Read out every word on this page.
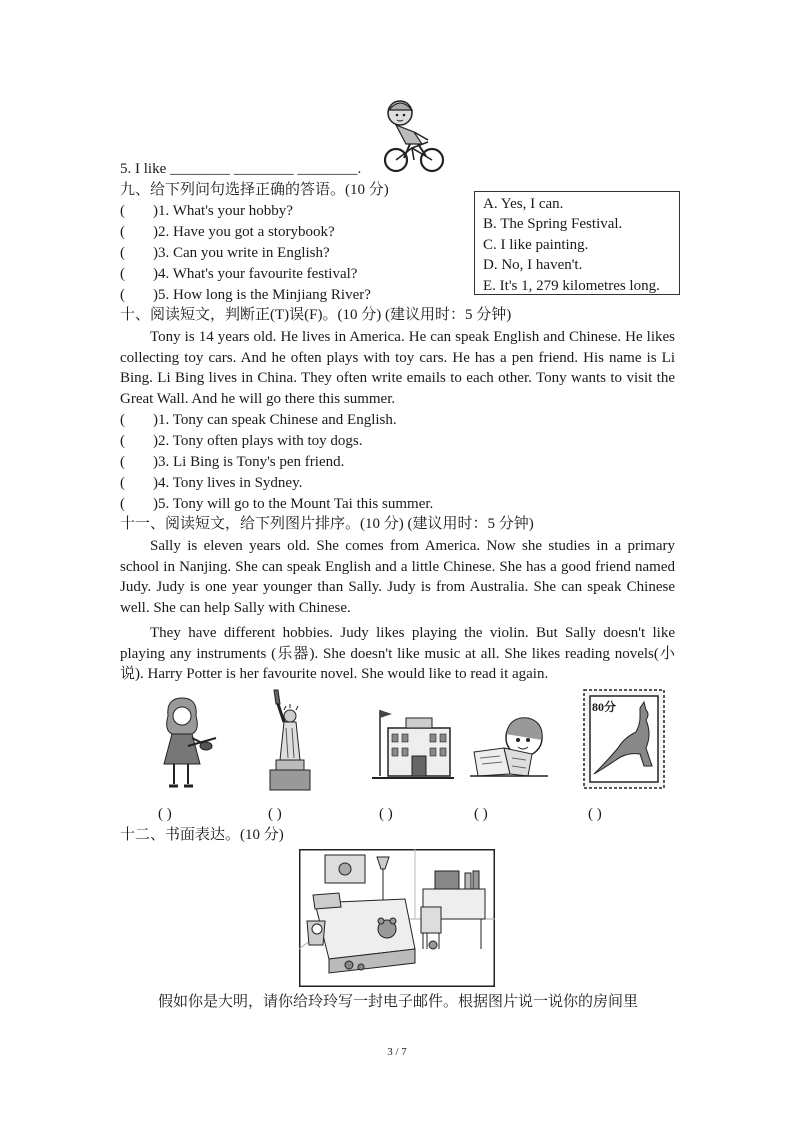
5. I like ________ ________ ________.
九、给下列问句选择正确的答语。(10 分)
( )1. What's your hobby?
( )2. Have you got a storybook?
( )3. Can you write in English?
( )4. What's your favourite festival?
( )5. How long is the Minjiang River?
A. Yes, I can.
B. The Spring Festival.
C. I like painting.
D. No, I haven't.
E. It's 1, 279 kilometres long.
十、阅读短文，判断正(T)误(F)。(10 分) (建议用时：5 分钟)

Tony is 14 years old. He lives in America. He can speak English and Chinese. He likes collecting toy cars. And he often plays with toy cars. He has a pen friend. His name is Li Bing. Li Bing lives in China. They often write emails to each other. Tony wants to visit the Great Wall. And he will go there this summer.

( )1. Tony can speak Chinese and English.
( )2. Tony often plays with toy dogs.
( )3. Li Bing is Tony's pen friend.
( )4. Tony lives in Sydney.
( )5. Tony will go to the Mount Tai this summer.
十一、阅读短文，给下列图片排序。(10 分) (建议用时：5 分钟)

Sally is eleven years old. She comes from America. Now she studies in a primary school in Nanjing. She can speak English and a little Chinese. She has a good friend named Judy. Judy is one year younger than Sally. Judy is from Australia. She can speak Chinese well. She can help Sally with Chinese.

They have different hobbies. Judy likes playing the violin. But Sally doesn't like playing any instruments (乐器). She doesn't like music at all. She likes reading novels(小说). Harry Potter is her favourite novel. She would like to read it again.

80分
( )	( )	( )	( )	( )
十二、书面表达。(10 分)
假如你是大明，请你给玲玲写一封电子邮件。根据图片说一说你的房间里
3 / 7
